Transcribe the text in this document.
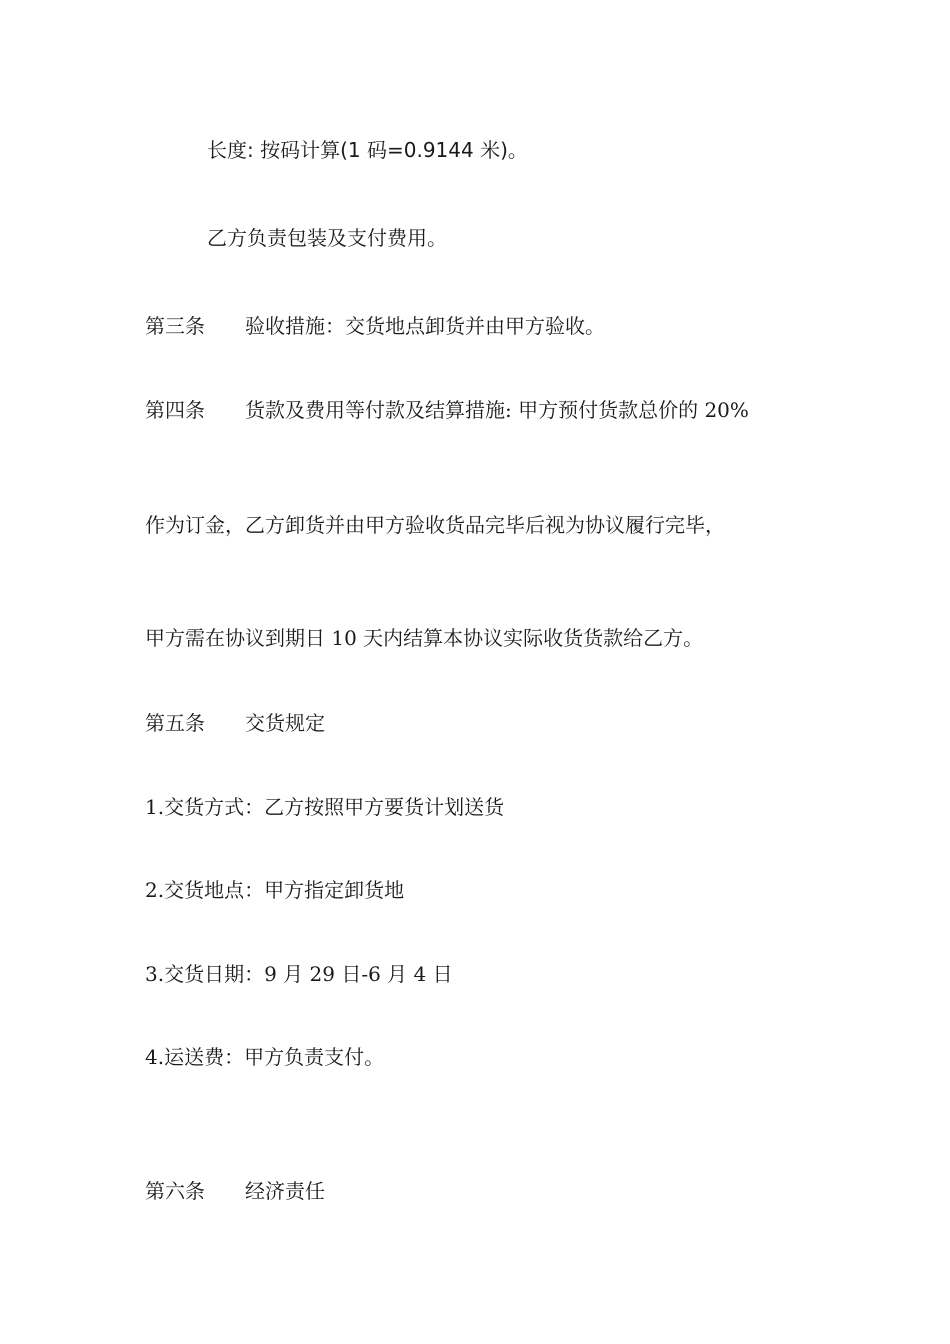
长度: 按码计算(1 码=0.9144 米)。
乙方负责包装及支付费用。
第三条 验收措施：交货地点卸货并由甲方验收。
第四条 货款及费用等付款及结算措施: 甲方预付货款总价的 20%
作为订金，乙方卸货并由甲方验收货品完毕后视为协议履行完毕，
甲方需在协议到期日 10 天内结算本协议实际收货货款给乙方。
第五条 交货规定
1.交货方式：乙方按照甲方要货计划送货
2.交货地点：甲方指定卸货地
3.交货日期：9 月 29 日-6 月 4 日
4.运送费：甲方负责支付。
第六条 经济责任
